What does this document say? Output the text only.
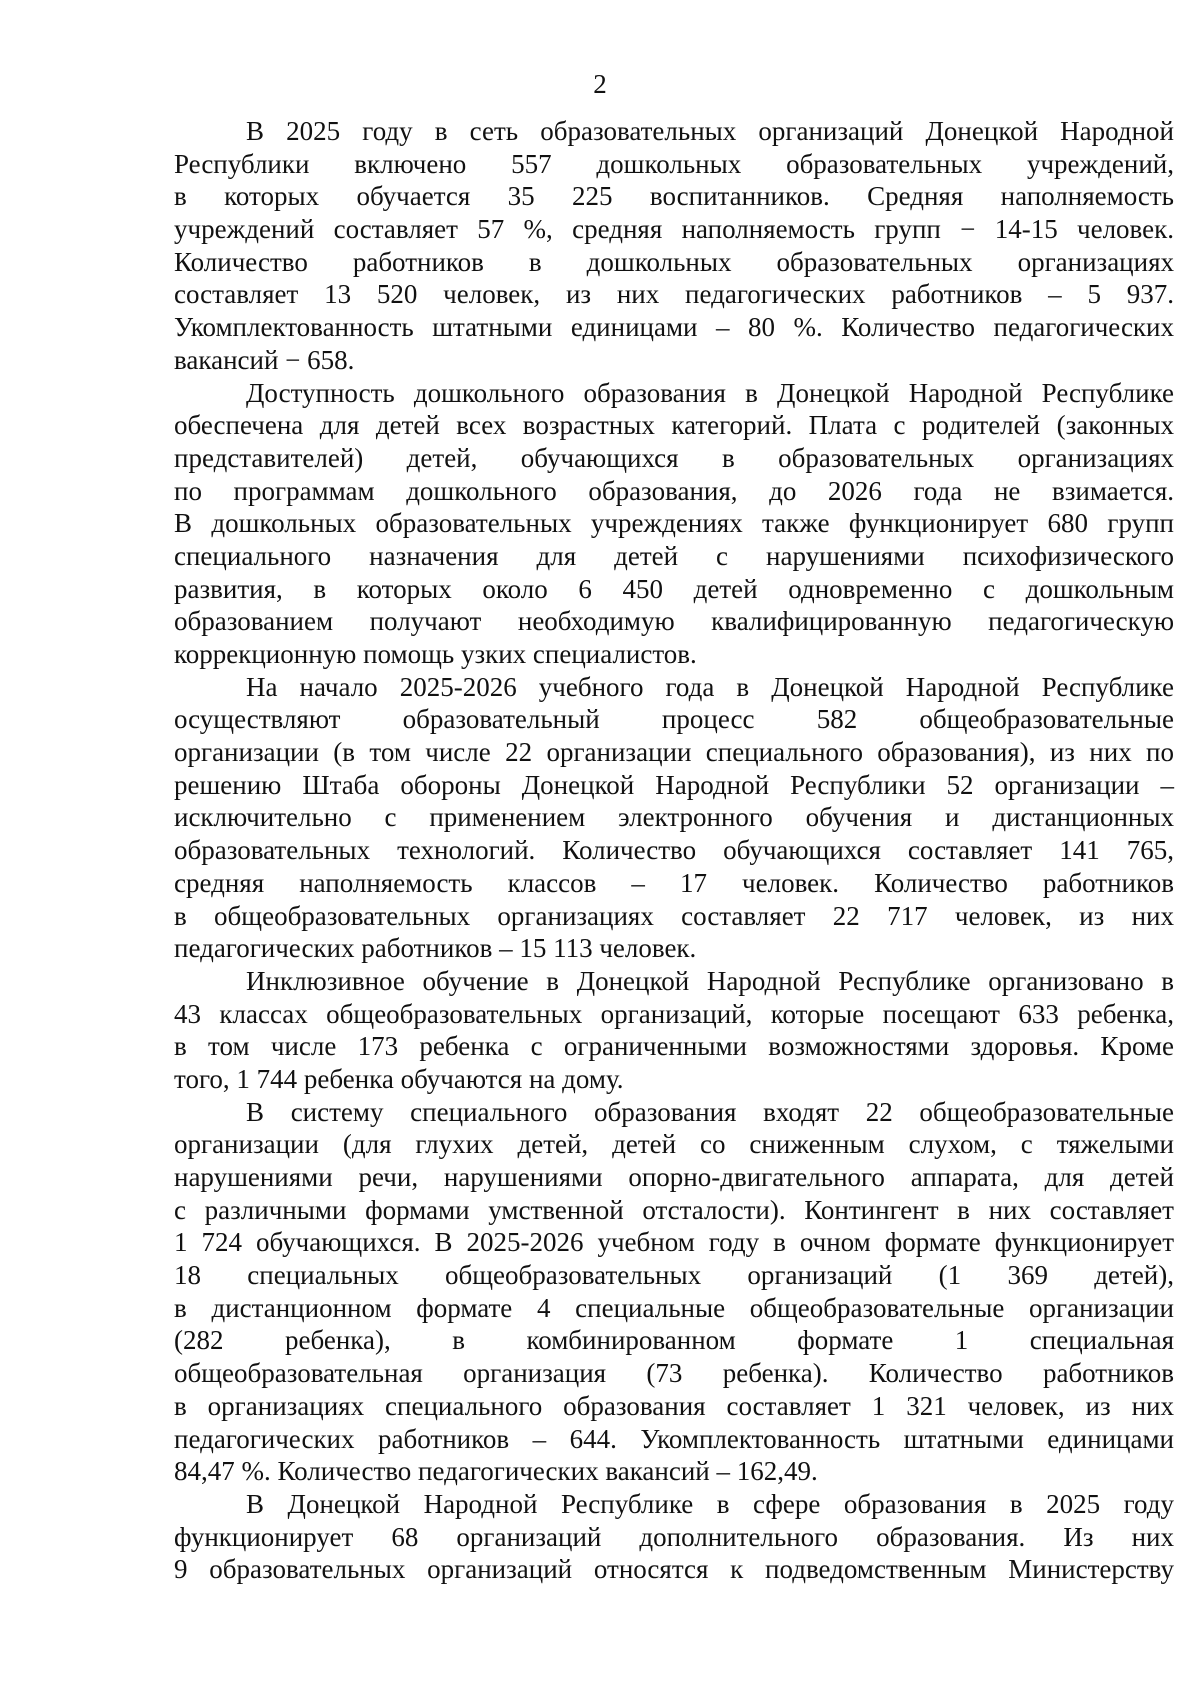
2
В 2025 году в сеть образовательных организаций Донецкой Народной
Республики включено 557 дошкольных образовательных учреждений,
в которых обучается 35 225 воспитанников. Средняя наполняемость
учреждений составляет 57 %, средняя наполняемость групп − 14-15 человек.
Количество работников в дошкольных образовательных организациях
составляет 13 520 человек, из них педагогических работников – 5 937.
Укомплектованность штатными единицами – 80 %. Количество педагогических
вакансий − 658.
Доступность дошкольного образования в Донецкой Народной Республике
обеспечена для детей всех возрастных категорий. Плата с родителей (законных
представителей) детей, обучающихся в образовательных организациях
по программам дошкольного образования, до 2026 года не взимается.
В дошкольных образовательных учреждениях также функционирует 680 групп
специального назначения для детей с нарушениями психофизического
развития, в которых около 6 450 детей одновременно с дошкольным
образованием получают необходимую квалифицированную педагогическую
коррекционную помощь узких специалистов.
На начало 2025-2026 учебного года в Донецкой Народной Республике
осуществляют образовательный процесс 582 общеобразовательные
организации (в том числе 22 организации специального образования), из них по
решению Штаба обороны Донецкой Народной Республики 52 организации –
исключительно с применением электронного обучения и дистанционных
образовательных технологий. Количество обучающихся составляет 141 765,
средняя наполняемость классов – 17 человек. Количество работников
в общеобразовательных организациях составляет 22 717 человек, из них
педагогических работников – 15 113 человек.
Инклюзивное обучение в Донецкой Народной Республике организовано в
43 классах общеобразовательных организаций, которые посещают 633 ребенка,
в том числе 173 ребенка с ограниченными возможностями здоровья. Кроме
того, 1 744 ребенка обучаются на дому.
В систему специального образования входят 22 общеобразовательные
организации (для глухих детей, детей со сниженным слухом, с тяжелыми
нарушениями речи, нарушениями опорно-двигательного аппарата, для детей
с различными формами умственной отсталости). Контингент в них составляет
1 724 обучающихся. В 2025-2026 учебном году в очном формате функционирует
18 специальных общеобразовательных организаций (1 369 детей),
в дистанционном формате 4 специальные общеобразовательные организации
(282 ребенка), в комбинированном формате 1 специальная
общеобразовательная организация (73 ребенка). Количество работников
в организациях специального образования составляет 1 321 человек, из них
педагогических работников – 644. Укомплектованность штатными единицами
84,47 %. Количество педагогических вакансий – 162,49.
В Донецкой Народной Республике в сфере образования в 2025 году
функционирует 68 организаций дополнительного образования. Из них
9 образовательных организаций относятся к подведомственным Министерству
